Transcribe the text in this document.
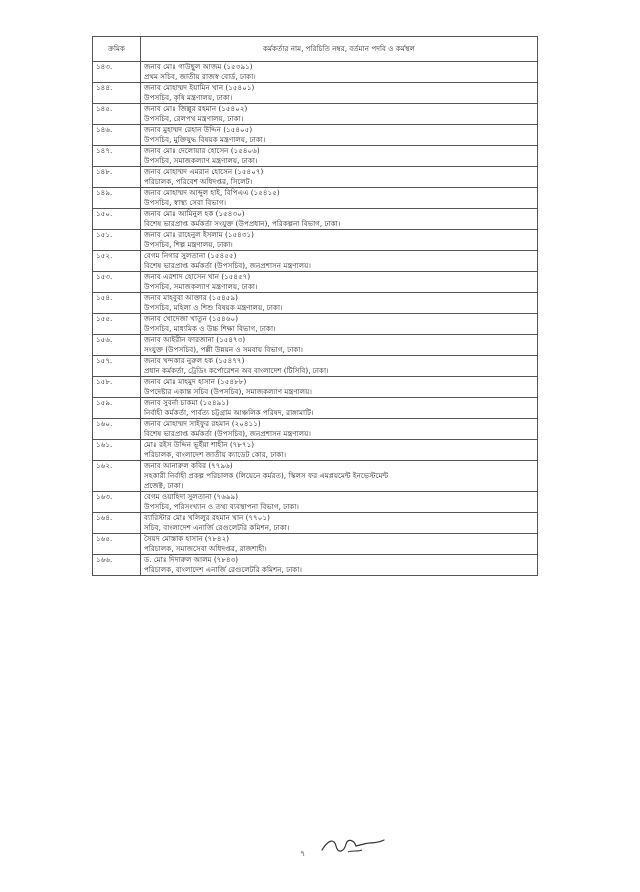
ক্রমিক	কর্মকর্তার নাম, পরিচিতি নম্বর, বর্তমান পদবি ও কর্মস্থল
১৪৩.	জনাব মোঃ গাউছুল আজম (১৫৩৯১)
প্রথম সচিব, জাতীয় রাজস্ব বোর্ড, ঢাকা।

১৪৪.	জনাব মোহাম্মদ ইয়ামিন খান (১৫৪০১)
উপসচিব, কৃষি মন্ত্রণালয়, ঢাকা।

১৪৫.	জনাব মোঃ জিল্লুর রহমান (১৫৪০২)
উপসচিব, রেলপথ মন্ত্রণালয়, ঢাকা।

১৪৬.	জনাব মুহাম্মদ রেহান উদ্দিন (১৫৪০৫)
উপসচিব, মুক্তিযুদ্ধ বিষয়ক মন্ত্রণালয়, ঢাকা।

১৪৭.	জনাব মোঃ দেলোয়ার হোসেন (১৫৪০৬)
উপসচিব, সমাজকল্যাণ মন্ত্রণালয়, ঢাকা।

১৪৮.	জনাব মোহাম্মদ এমরান হোসেন (১৫৪০৭)
পরিচালক, পরিবেশ অধিদপ্তর, সিলেট।

১৪৯.	জনাব মোহাম্মদ আব্দুল হাই, বিপিএএ (১৫৪১৫)
উপসচিব, স্বাস্থ্য সেবা বিভাগ।

১৫০.	জনাব মোঃ আমিনুল হক (১৫৪৩০)
বিশেষ ভারপ্রাপ্ত কর্মকর্তা সংযুক্ত (উপপ্রধান), পরিকল্পনা বিভাগ, ঢাকা।

১৫১.	জনাব মোঃ রাহেনুল ইসলাম (১৫৪৩১)
উপসচিব, শিল্প মন্ত্রণালয়, ঢাকা।

১৫২.	বেগম নিগার সুলতানা (১৫৪৫৫)
বিশেষ ভারপ্রাপ্ত কর্মকর্তা (উপসচিব), জনপ্রশাসন মন্ত্রণালয়।

১৫৩.	জনাব এরশাদ হোসেন খান (১৫৪৫৭)
উপসচিব, সমাজকল্যাণ মন্ত্রণালয়, ঢাকা।

১৫৪.	জনাব মাহবুবা আক্তার (১৫৪৫৯)
উপসচিব, মহিলা ও শিশু বিষয়ক মন্ত্রণালয়, ঢাকা।

১৫৫.	জনাব খোদেজা খাতুন (১৫৪৬০)
উপসচিব, মাধ্যমিক ও উচ্চ শিক্ষা বিভাগ, ঢাকা।

১৫৬.	জনাব আইরীন ফারজানা (১৫৪৭৩)
সংযুক্ত (উপসচিব), পল্লী উন্নয়ন ও সমবায় বিভাগ, ঢাকা।

১৫৭.	জনাব খন্দকার নুরুল হক (১৫৪৭৭)
প্রধান কর্মকর্তা, ট্রেডিং কর্পোরেশন অব বাংলাদেশ (টিসিবি), ঢাকা।

১৫৮.	জনাব মোঃ মাহমুদ হাসান (১৫৪৮৮)
উপদেষ্টার একান্ত সচিব (উপসচিব), সমাজকল্যাণ মন্ত্রণালয়।

১৫৯.	জনাব সুবর্না চাকমা (১৫৪৯১)
নির্বাহী কর্মকর্তা, পার্বত্য চট্টগ্রাম আঞ্চলিক পরিষদ, রাঙ্গামাটি।

১৬০.	জনাব মোহাম্মদ সাইফুর রহমান (২০৪১১)
বিশেষ ভারপ্রাপ্ত কর্মকর্তা (উপসচিব), জনপ্রশাসন মন্ত্রণালয়।

১৬১.	মোঃ রইস উদ্দিন ভূইঁয়া শাহীন (৭৮৭১)
পরিচালক, বাংলাদেশ জাতীয় ক্যাডেট কোর, ঢাকা।

১৬২.	জনাব আনারুল কবির (৭৭৯৬)
সহকারী নির্বাহী প্রকল্প পরিচালক (লিয়েনে কর্মরত), স্কিলস ফর এমপ্লয়মেন্ট ইনভেস্টমেন্ট
প্রজেক্ট, ঢাকা।

১৬৩.	বেগম ওয়াহিদা সুলতানা (৭৬৯৯)
উপসচিব, পরিসংখ্যান ও তথ্য ব্যবস্থাপনা বিভাগ, ঢাকা।

১৬৪.	ব্যারিস্টার মোঃ খলিলুর রহমান খান (৭৭০১)
সচিব, বাংলাদেশ এনার্জি রেগুলেটরি কমিশন, ঢাকা।

১৬৫.	সৈয়দ মোস্তাক হাসান (৭৮৪২)
পরিচালক, সমাজসেবা অধিদপ্তর, রাজশাহী।

১৬৬.	ড. মোঃ দিদারুল আলম (৭৮৪৩)
পরিচালক, বাংলাদেশ এনার্জি রেগুলেটরি কমিশন, ঢাকা।
৭
